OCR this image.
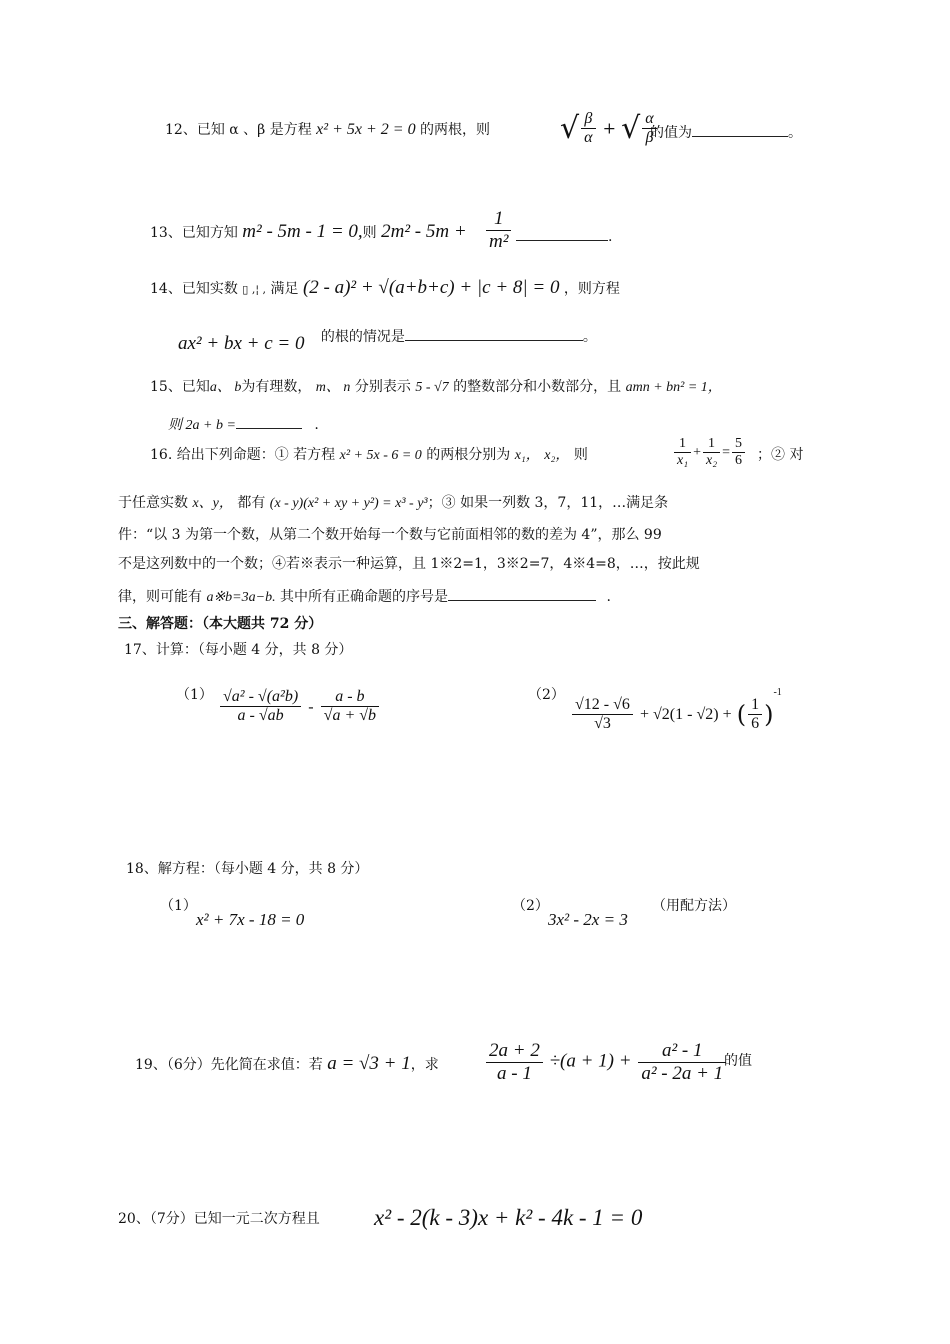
12、已知 α 、β 是方程 x² + 5x + 2 = 0 的两根，则 √ $\frac{\beta}{\alpha}$ + √ $\frac{\alpha}{\beta}$
的值为	。
13、已知方知 m² - 5m - 1 = 0,则 $2m^2 - 5m + \frac{1}{\text{m²}}$	.
14、已知实数 ▯ ,¦ , 满足 (2 - a)² + √(a+b+c) + |c + 8| = 0 ，则方程
ax² + bx + c = 0 的根的情况是	。
15、已知a、 b为有理数， m、 n 分别表示 5 - √7 的整数部分和小数部分，且 amn + bn² = 1，
则 2a + b =	.
16. 给出下列命题：① 若方程 x² + 5x - 6 = 0 的两根分别为 x₁， x₂， 则	$\frac{1}{\text{x₁}} + \frac{1}{\text{x₂}} = \frac{5}{6}$ ；② 对
于任意实数 x、y， 都有 (x - y)(x² + xy + y²) = x³ - y³；③ 如果一列数 3，7，11，…满足条
件：“以 3 为第一个数，从第二个数开始每一个数与它前面相邻的数的差为 4”，那么 99
不是这列数中的一个数；④若※表示一种运算，且 1※2=1，3※2=7，4※4=8，…，按此规
律，则可能有 a※b=3a−b. 其中所有正确命题的序号是	.
三、解答题：（本大题共 72 分）
17、计算：（每小题 4 分，共 8 分）
$(1) \frac{\text{√a² - √(a²b)}}{a - √ab} - \frac{a - b}{√a + √b}$	（2）
$\frac{√12 - √6}{√3} + √2(1 - √2)$ + ( $\frac{1}{6} )^{-1}$
18、解方程：（每小题 4 分，共 8 分）
（1）
x² + 7x - 18 = 0
（2）
3x² - 2x = 3
（用配方法）
19、（6分）先化简在求值：若 a = √3 + 1，求 $\frac{2a + 2}{a - 1} \div(a + 1) + \frac{\text{a² - 1}}{\text{a² - 2a + 1}}$
的值
20、（7分）已知一元二次方程且 x² - 2(k - 3)x + k² - 4k - 1 = 0
